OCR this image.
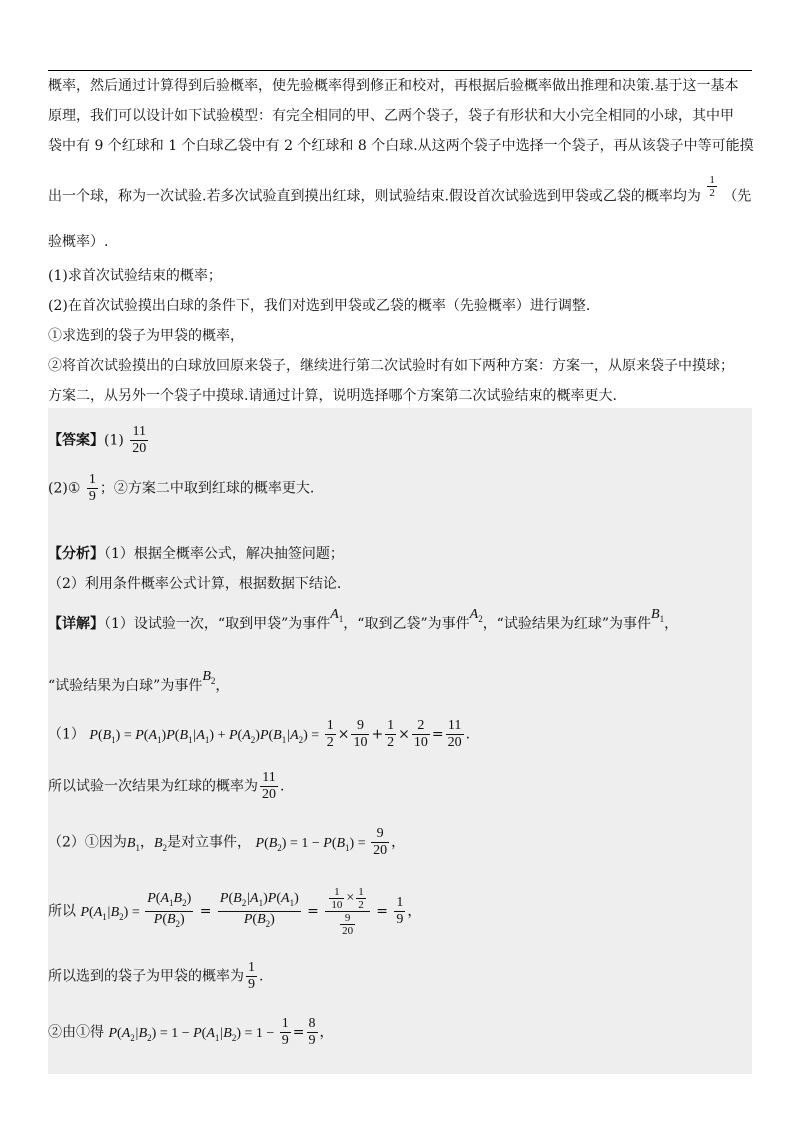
概率，然后通过计算得到后验概率，使先验概率得到修正和校对，再根据后验概率做出推理和决策.基于这一基本
原理，我们可以设计如下试验模型：有完全相同的甲、乙两个袋子，袋子有形状和大小完全相同的小球，其中甲
袋中有 9 个红球和 1 个白球乙袋中有 2 个红球和 8 个白球.从这两个袋子中选择一个袋子，再从该袋子中等可能摸
出一个球，称为一次试验.若多次试验直到摸出红球，则试验结束.假设首次试验选到甲袋或乙袋的概率均为 $\frac{1}{2}$ （先
验概率）.
(1)求首次试验结束的概率；
(2)在首次试验摸出白球的条件下，我们对选到甲袋或乙袋的概率（先验概率）进行调整.
①求选到的袋子为甲袋的概率，
②将首次试验摸出的白球放回原来袋子，继续进行第二次试验时有如下两种方案：方案一，从原来袋子中摸球；
方案二，从另外一个袋子中摸球.请通过计算，说明选择哪个方案第二次试验结束的概率更大.
【答案】$(1) \frac{11}{20}$
(2)① $\frac{1}{9}$ ；②方案二中取到红球的概率更大.
【分析】（1）根据全概率公式，解决抽签问题；
（2）利用条件概率公式计算，根据数据下结论.
【详解】（1）设试验一次，“取到甲袋”为事件$A_1$，“取到乙袋”为事件$A_2$，“试验结果为红球”为事件$B_1$，
“试验结果为白球”为事件$B_2$，
（1） $P(B_1) = P(A_1)P(B_1|A_1) + P(A_2)P(B_1|A_2) = \frac{1}{2} \times \frac{9}{10} + \frac{1}{2} \times \frac{2}{10} = \frac{11}{20}$ .
所以试验一次结果为红球的概率为 $\frac{11}{20}$ .
（2）①因为$B_1$，$B_2$是对立事件， $P(B_2) = 1 - P(B_1) = \frac{9}{20}$ ，
所以 $P(A_1|B_2) = \frac{P(A_1B_2)}{P(B_2)} = \frac{P(B_2|A_1)P(A_1)}{P(B_2)} = \frac{\frac{1}{10} \times \frac{1}{2}}{\frac{9}{20}} = \frac{1}{9}$ ，
所以选到的袋子为甲袋的概率为 $\frac{1}{9}$ .
②由①得 $P(A_2|B_2) = 1 - P(A_1|B_2) = 1 - \frac{1}{9} = \frac{8}{9}$ ，
